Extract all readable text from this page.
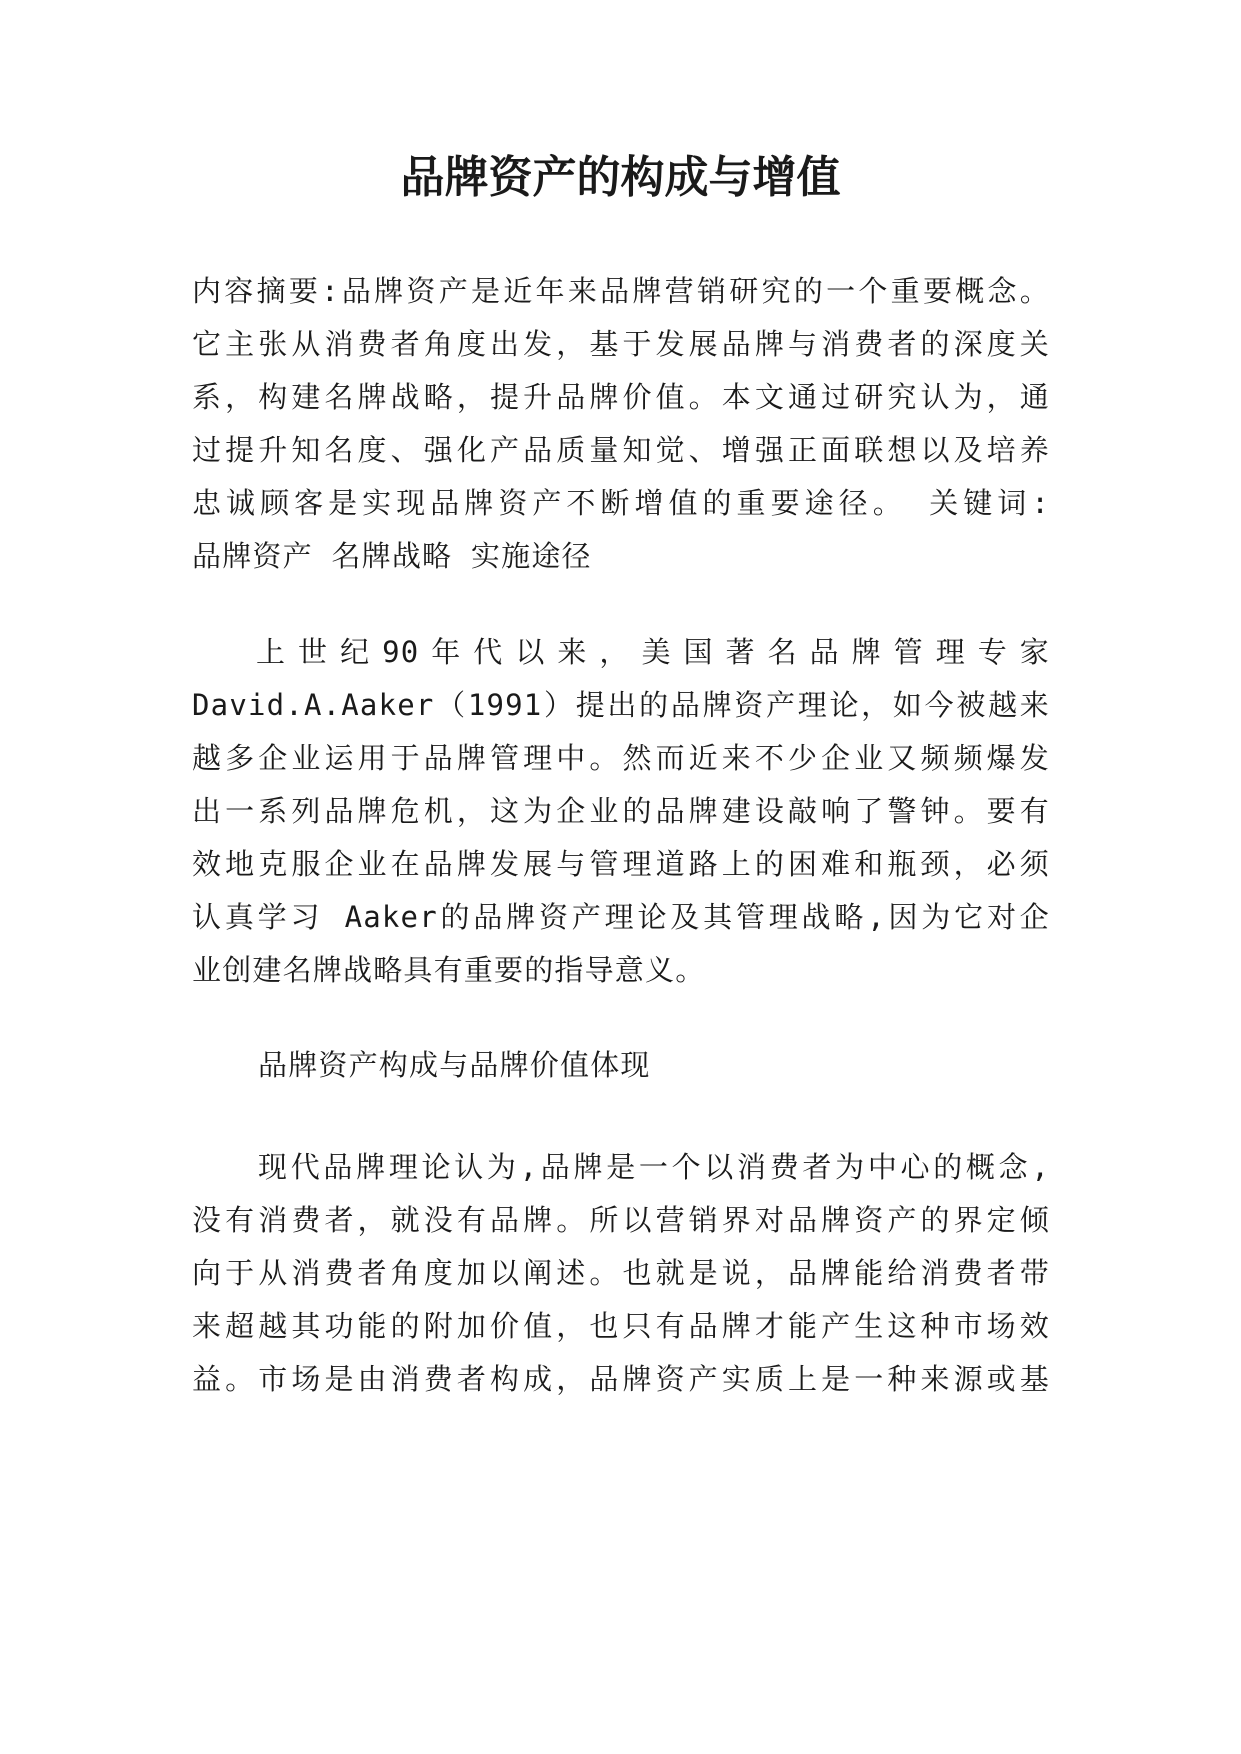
品牌资产的构成与增值

内容摘要:品牌资产是近年来品牌营销研究的一个重要概念。

它主张从消费者角度出发，基于发展品牌与消费者的深度关

系，构建名牌战略，提升品牌价值。本文通过研究认为，通

过提升知名度、强化产品质量知觉、增强正面联想以及培养

忠诚顾客是实现品牌资产不断增值的重要途径。 关键词:

品牌资产 名牌战略 实施途径

上世纪90年代以来，美国著名品牌管理专家

David.A.Aaker（1991）提出的品牌资产理论，如今被越来

越多企业运用于品牌管理中。然而近来不少企业又频频爆发

出一系列品牌危机，这为企业的品牌建设敲响了警钟。要有

效地克服企业在品牌发展与管理道路上的困难和瓶颈，必须

认真学习 Aaker的品牌资产理论及其管理战略,因为它对企

业创建名牌战略具有重要的指导意义。

品牌资产构成与品牌价值体现

现代品牌理论认为,品牌是一个以消费者为中心的概念,

没有消费者，就没有品牌。所以营销界对品牌资产的界定倾

向于从消费者角度加以阐述。也就是说，品牌能给消费者带

来超越其功能的附加价值，也只有品牌才能产生这种市场效

益。市场是由消费者构成，品牌资产实质上是一种来源或基
